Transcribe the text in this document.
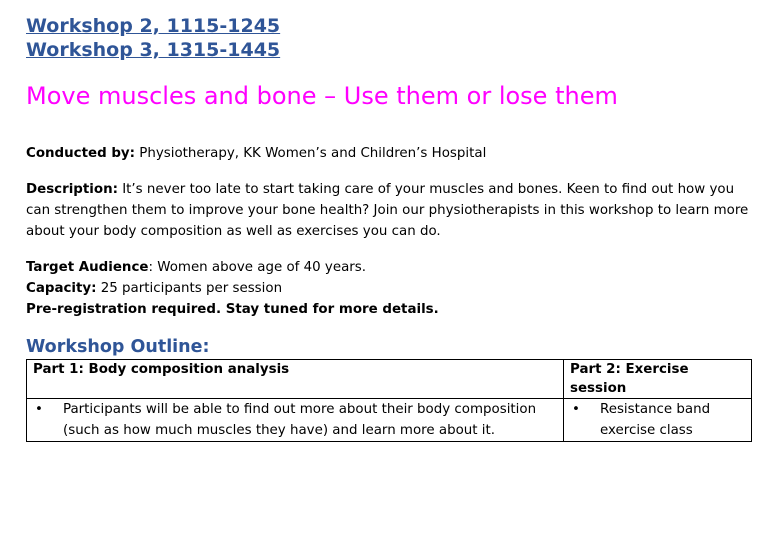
Workshop 2, 1115-1245

Workshop 3, 1315-1445

Move muscles and bone – Use them or lose them

Conducted by: Physiotherapy, KK Women’s and Children’s Hospital

Description: It’s never too late to start taking care of your muscles and bones. Keen to find out how you can strengthen them to improve your bone health? Join our physiotherapists in this workshop to learn more about your body composition as well as exercises you can do.

Target Audience: Women above age of 40 years.

Capacity: 25 participants per session

Pre-registration required. Stay tuned for more details.

Workshop Outline:
Part 1: Body composition analysis	Part 2: Exercise session

• Participants will be able to find out more about their body composition (such as how much muscles they have) and learn more about it.	• Resistance band exercise class
